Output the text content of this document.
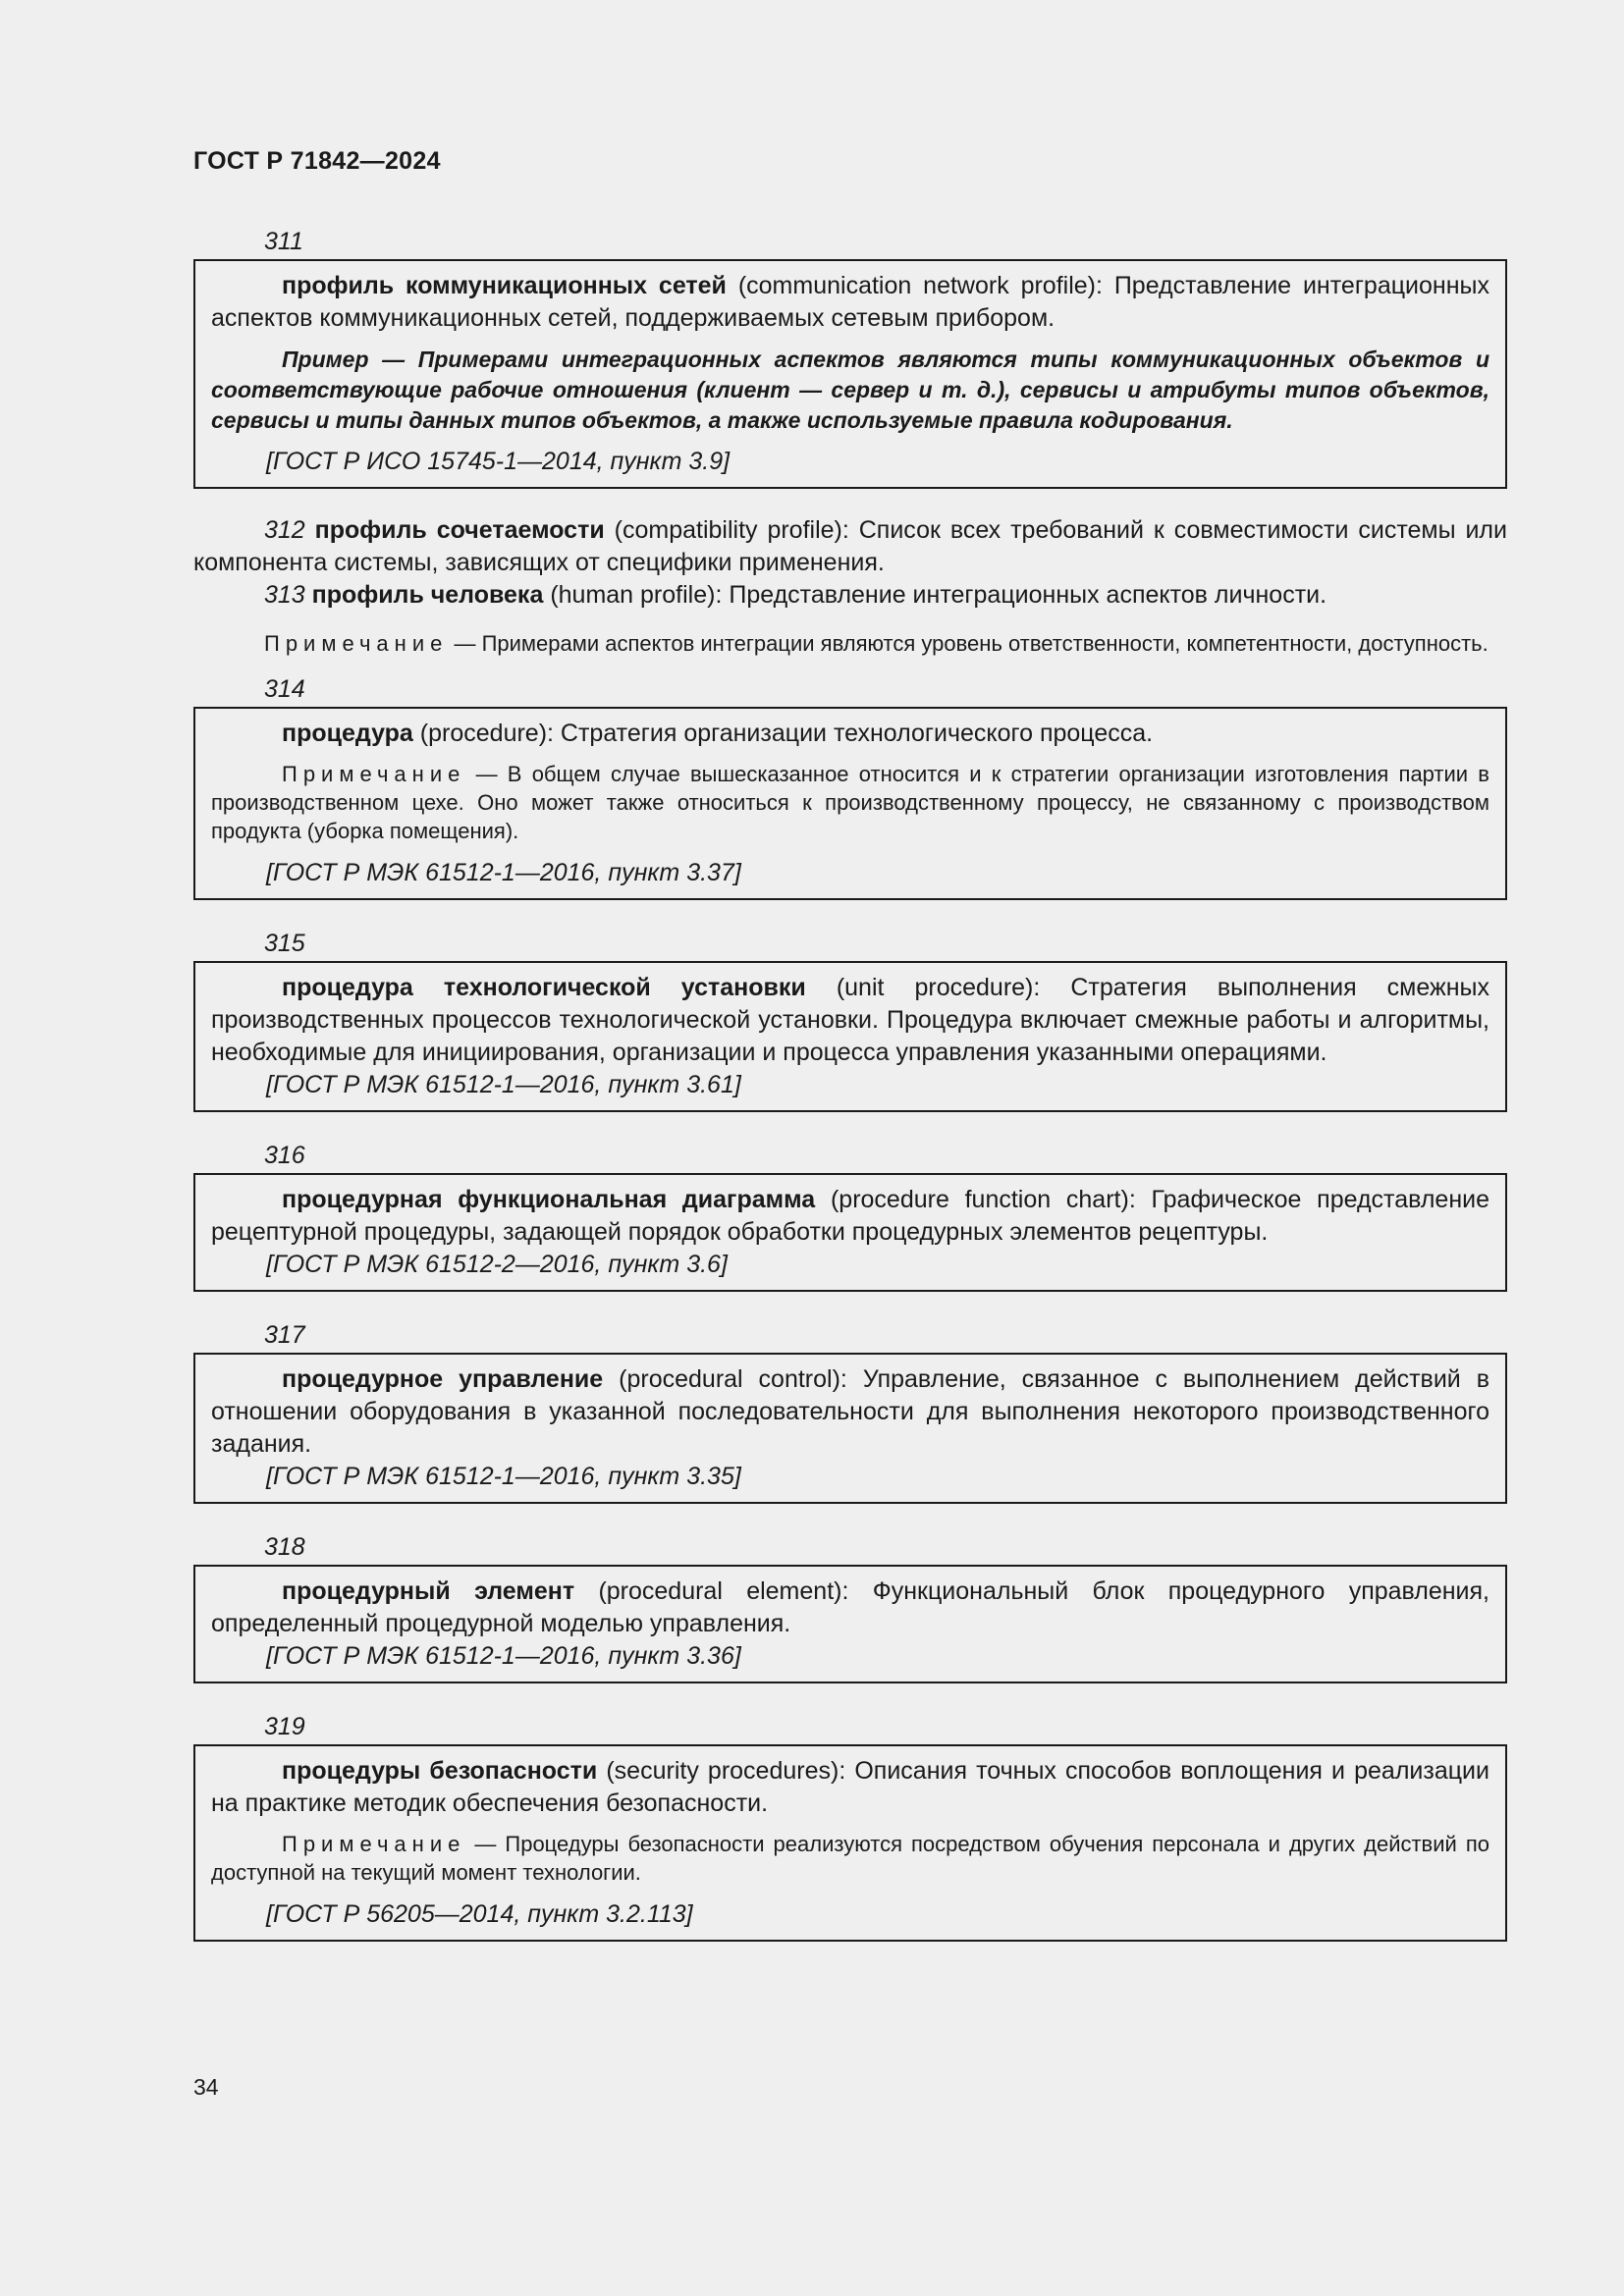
ГОСТ Р 71842—2024
311

профиль коммуникационных сетей (communication network profile): Представление интеграционных аспектов коммуникационных сетей, поддерживаемых сетевым прибором.

Пример — Примерами интеграционных аспектов являются типы коммуникационных объектов и соответствующие рабочие отношения (клиент — сервер и т. д.), сервисы и атрибуты типов объектов, сервисы и типы данных типов объектов, а также используемые правила кодирования.

[ГОСТ Р ИСО 15745-1—2014, пункт 3.9]

312 профиль сочетаемости (compatibility profile): Список всех требований к совместимости системы или компонента системы, зависящих от специфики применения.

313 профиль человека (human profile): Представление интеграционных аспектов личности.

Примечание — Примерами аспектов интеграции являются уровень ответственности, компетентности, доступность.

314

процедура (procedure): Стратегия организации технологического процесса.

Примечание — В общем случае вышесказанное относится и к стратегии организации изготовления партии в производственном цехе. Оно может также относиться к производственному процессу, не связанному с производством продукта (уборка помещения).

[ГОСТ Р МЭК 61512-1—2016, пункт 3.37]

315

процедура технологической установки (unit procedure): Стратегия выполнения смежных производственных процессов технологической установки. Процедура включает смежные работы и алгоритмы, необходимые для инициирования, организации и процесса управления указанными операциями.

[ГОСТ Р МЭК 61512-1—2016, пункт 3.61]

316

процедурная функциональная диаграмма (procedure function chart): Графическое представление рецептурной процедуры, задающей порядок обработки процедурных элементов рецептуры.

[ГОСТ Р МЭК 61512-2—2016, пункт 3.6]

317

процедурное управление (procedural control): Управление, связанное с выполнением действий в отношении оборудования в указанной последовательности для выполнения некоторого производственного задания.

[ГОСТ Р МЭК 61512-1—2016, пункт 3.35]

318

процедурный элемент (procedural element): Функциональный блок процедурного управления, определенный процедурной моделью управления.

[ГОСТ Р МЭК 61512-1—2016, пункт 3.36]

319

процедуры безопасности (security procedures): Описания точных способов воплощения и реализации на практике методик обеспечения безопасности.

Примечание — Процедуры безопасности реализуются посредством обучения персонала и других действий по доступной на текущий момент технологии.

[ГОСТ Р 56205—2014, пункт 3.2.113]

34
